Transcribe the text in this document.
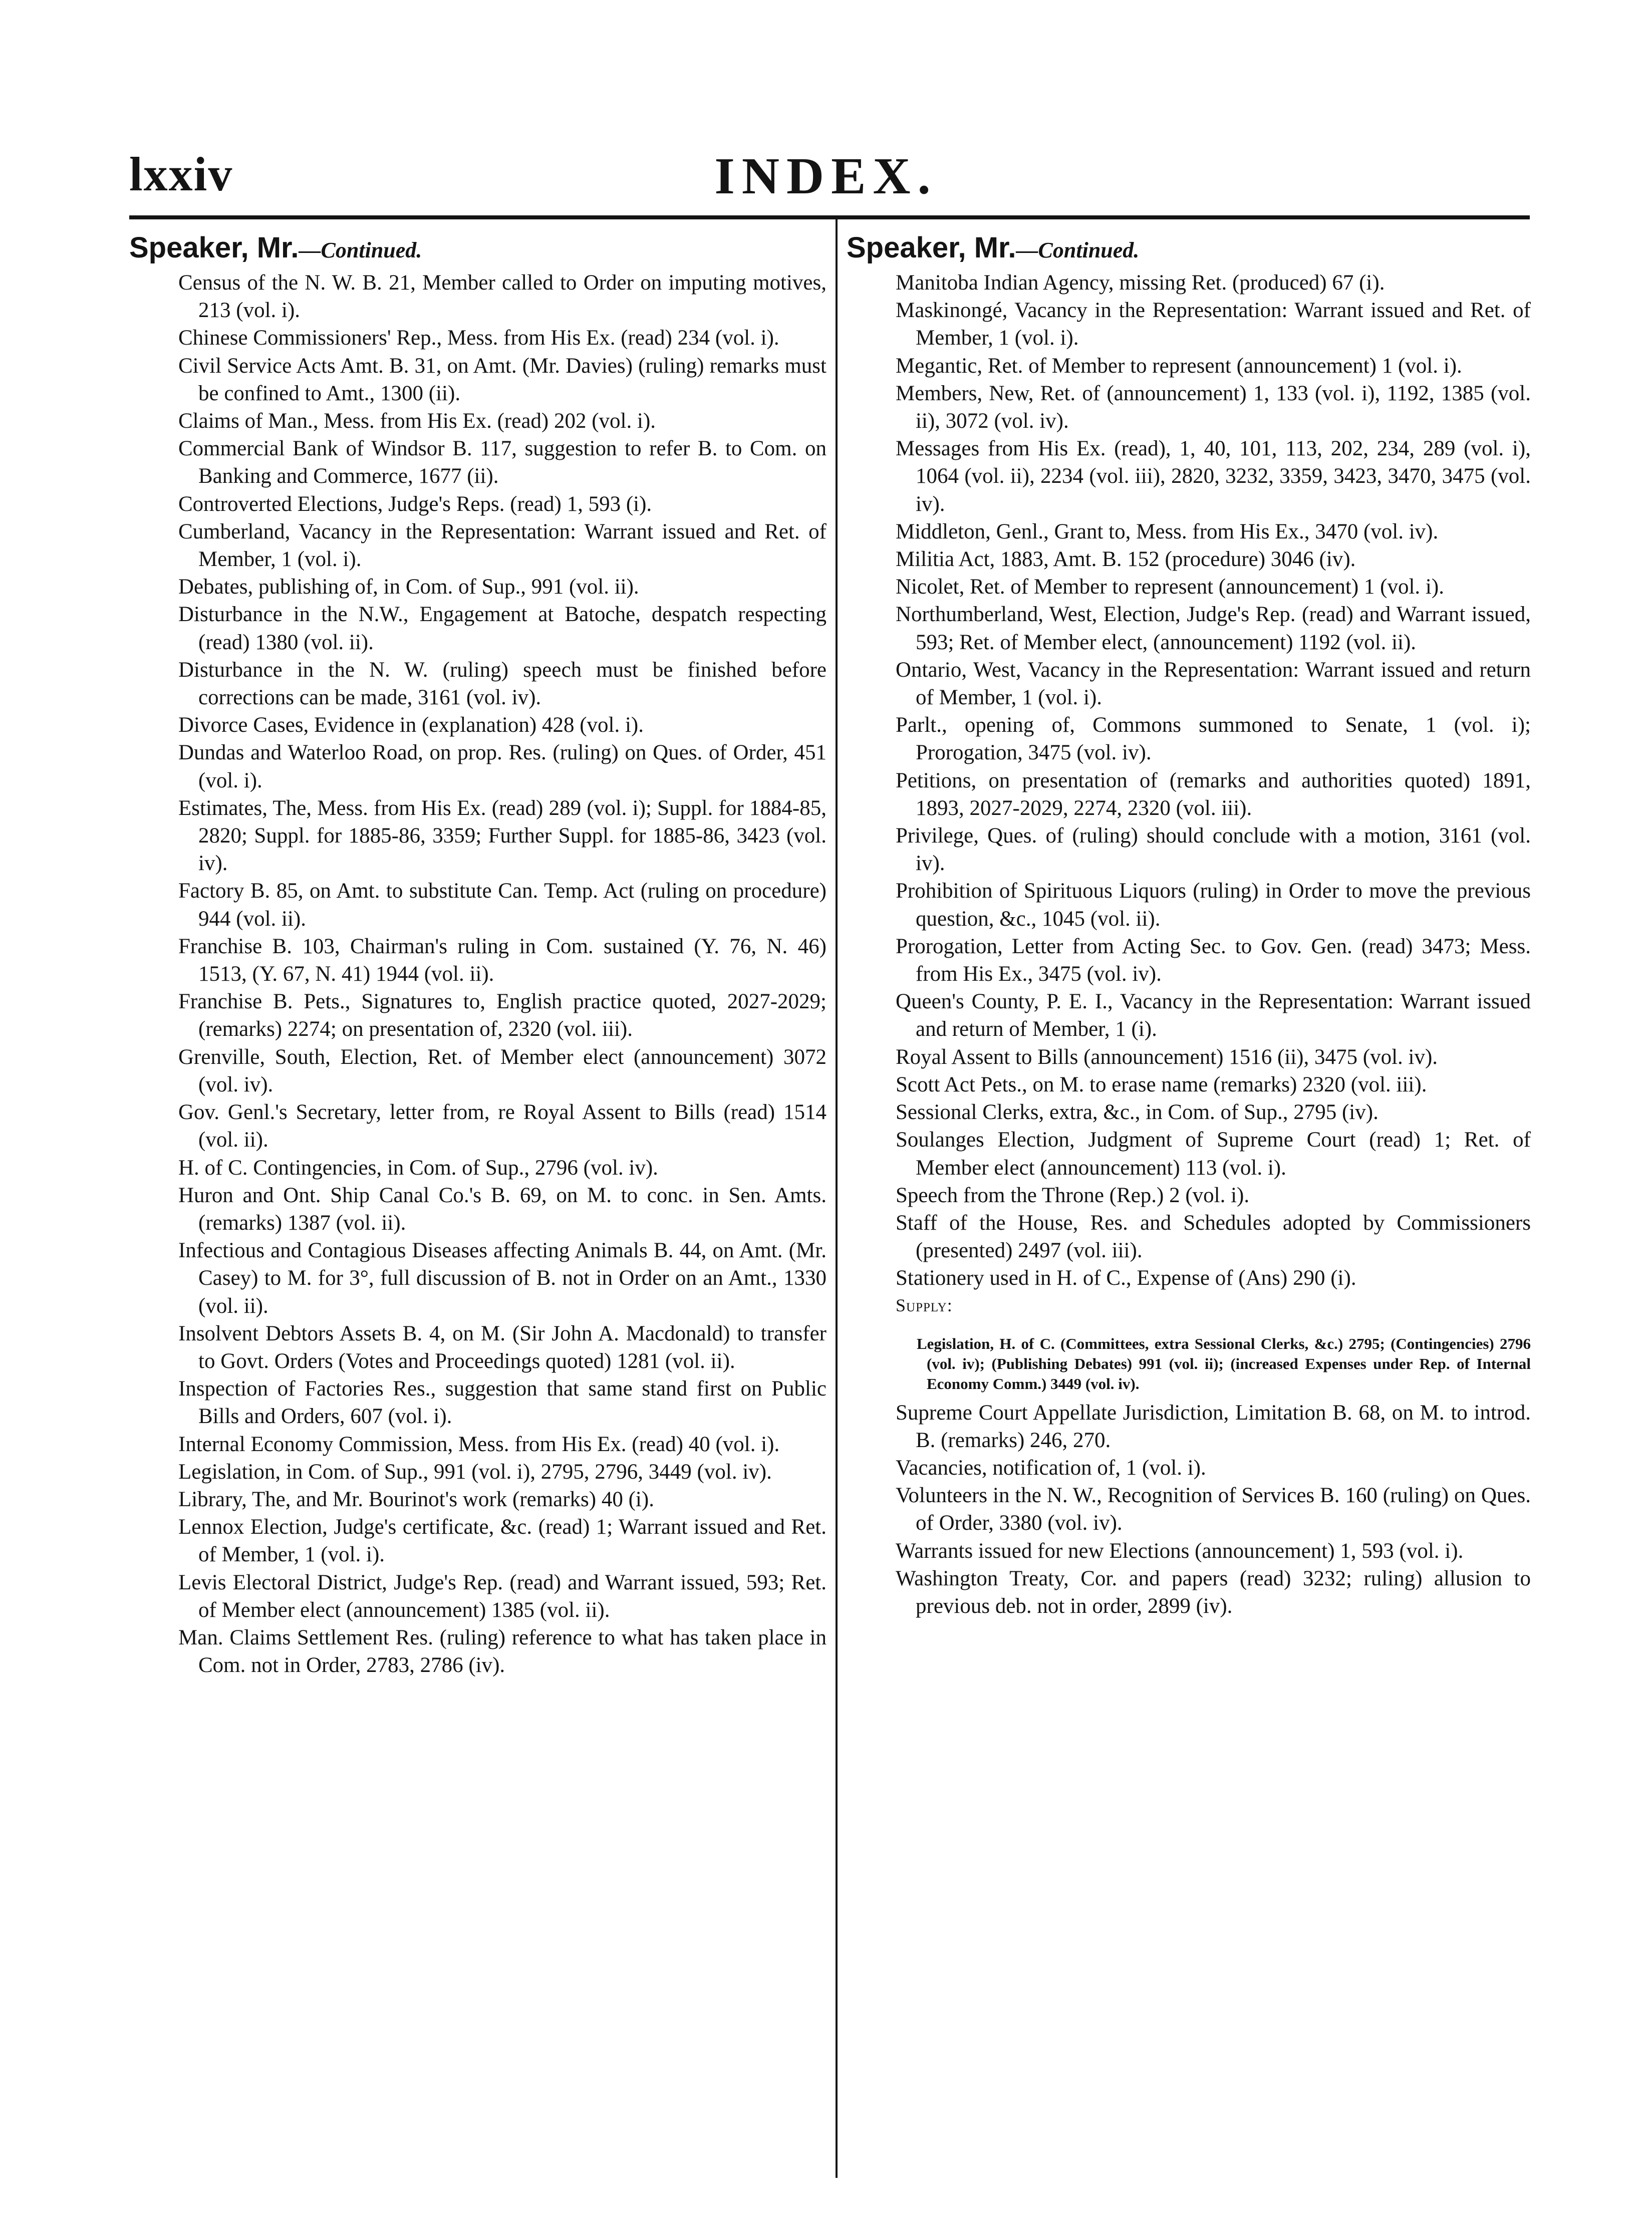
lxxiv	INDEX.
Speaker, Mr.—Continued.

Census of the N. W. B. 21, Member called to Order on imputing motives, 213 (vol. i).

Chinese Commissioners' Rep., Mess. from His Ex. (read) 234 (vol. i).

Civil Service Acts Amt. B. 31, on Amt. (Mr. Davies) (ruling) remarks must be confined to Amt., 1300 (ii).

Claims of Man., Mess. from His Ex. (read) 202 (vol. i).

Commercial Bank of Windsor B. 117, suggestion to refer B. to Com. on Banking and Commerce, 1677 (ii).

Controverted Elections, Judge's Reps. (read) 1, 593 (i).

Cumberland, Vacancy in the Representation: Warrant issued and Ret. of Member, 1 (vol. i).

Debates, publishing of, in Com. of Sup., 991 (vol. ii).

Disturbance in the N.W., Engagement at Batoche, despatch respecting (read) 1380 (vol. ii).

Disturbance in the N. W. (ruling) speech must be finished before corrections can be made, 3161 (vol. iv).

Divorce Cases, Evidence in (explanation) 428 (vol. i).

Dundas and Waterloo Road, on prop. Res. (ruling) on Ques. of Order, 451 (vol. i).

Estimates, The, Mess. from His Ex. (read) 289 (vol. i); Suppl. for 1884-85, 2820; Suppl. for 1885-86, 3359; Further Suppl. for 1885-86, 3423 (vol. iv).

Factory B. 85, on Amt. to substitute Can. Temp. Act (ruling on procedure) 944 (vol. ii).

Franchise B. 103, Chairman's ruling in Com. sustained (Y. 76, N. 46) 1513, (Y. 67, N. 41) 1944 (vol. ii).

Franchise B. Pets., Signatures to, English practice quoted, 2027-2029; (remarks) 2274; on presentation of, 2320 (vol. iii).

Grenville, South, Election, Ret. of Member elect (announcement) 3072 (vol. iv).

Gov. Genl.'s Secretary, letter from, re Royal Assent to Bills (read) 1514 (vol. ii).

H. of C. Contingencies, in Com. of Sup., 2796 (vol. iv).

Huron and Ont. Ship Canal Co.'s B. 69, on M. to conc. in Sen. Amts. (remarks) 1387 (vol. ii).

Infectious and Contagious Diseases affecting Animals B. 44, on Amt. (Mr. Casey) to M. for 3°, full discussion of B. not in Order on an Amt., 1330 (vol. ii).

Insolvent Debtors Assets B. 4, on M. (Sir John A. Macdonald) to transfer to Govt. Orders (Votes and Proceedings quoted) 1281 (vol. ii).

Inspection of Factories Res., suggestion that same stand first on Public Bills and Orders, 607 (vol. i).

Internal Economy Commission, Mess. from His Ex. (read) 40 (vol. i).

Legislation, in Com. of Sup., 991 (vol. i), 2795, 2796, 3449 (vol. iv).

Library, The, and Mr. Bourinot's work (remarks) 40 (i).

Lennox Election, Judge's certificate, &c. (read) 1; Warrant issued and Ret. of Member, 1 (vol. i).

Levis Electoral District, Judge's Rep. (read) and Warrant issued, 593; Ret. of Member elect (announcement) 1385 (vol. ii).

Man. Claims Settlement Res. (ruling) reference to what has taken place in Com. not in Order, 2783, 2786 (iv).

Speaker, Mr.—Continued.

Manitoba Indian Agency, missing Ret. (produced) 67 (i).

Maskinongé, Vacancy in the Representation: Warrant issued and Ret. of Member, 1 (vol. i).

Megantic, Ret. of Member to represent (announcement) 1 (vol. i).

Members, New, Ret. of (announcement) 1, 133 (vol. i), 1192, 1385 (vol. ii), 3072 (vol. iv).

Messages from His Ex. (read), 1, 40, 101, 113, 202, 234, 289 (vol. i), 1064 (vol. ii), 2234 (vol. iii), 2820, 3232, 3359, 3423, 3470, 3475 (vol. iv).

Middleton, Genl., Grant to, Mess. from His Ex., 3470 (vol. iv).

Militia Act, 1883, Amt. B. 152 (procedure) 3046 (iv).

Nicolet, Ret. of Member to represent (announcement) 1 (vol. i).

Northumberland, West, Election, Judge's Rep. (read) and Warrant issued, 593; Ret. of Member elect, (announcement) 1192 (vol. ii).

Ontario, West, Vacancy in the Representation: Warrant issued and return of Member, 1 (vol. i).

Parlt., opening of, Commons summoned to Senate, 1 (vol. i); Prorogation, 3475 (vol. iv).

Petitions, on presentation of (remarks and authorities quoted) 1891, 1893, 2027-2029, 2274, 2320 (vol. iii).

Privilege, Ques. of (ruling) should conclude with a motion, 3161 (vol. iv).

Prohibition of Spirituous Liquors (ruling) in Order to move the previous question, &c., 1045 (vol. ii).

Prorogation, Letter from Acting Sec. to Gov. Gen. (read) 3473; Mess. from His Ex., 3475 (vol. iv).

Queen's County, P. E. I., Vacancy in the Representation: Warrant issued and return of Member, 1 (i).

Royal Assent to Bills (announcement) 1516 (ii), 3475 (vol. iv).

Scott Act Pets., on M. to erase name (remarks) 2320 (vol. iii).

Sessional Clerks, extra, &c., in Com. of Sup., 2795 (iv).

Soulanges Election, Judgment of Supreme Court (read) 1; Ret. of Member elect (announcement) 113 (vol. i).

Speech from the Throne (Rep.) 2 (vol. i).

Staff of the House, Res. and Schedules adopted by Commissioners (presented) 2497 (vol. iii).

Stationery used in H. of C., Expense of (Ans) 290 (i).

Supply:

Legislation, H. of C. (Committees, extra Sessional Clerks, &c.) 2795; (Contingencies) 2796 (vol. iv); (Publishing Debates) 991 (vol. ii); (increased Expenses under Rep. of Internal Economy Comm.) 3449 (vol. iv).

Supreme Court Appellate Jurisdiction, Limitation B. 68, on M. to introd. B. (remarks) 246, 270.

Vacancies, notification of, 1 (vol. i).

Volunteers in the N. W., Recognition of Services B. 160 (ruling) on Ques. of Order, 3380 (vol. iv).

Warrants issued for new Elections (announcement) 1, 593 (vol. i).

Washington Treaty, Cor. and papers (read) 3232; ruling) allusion to previous deb. not in order, 2899 (iv).
